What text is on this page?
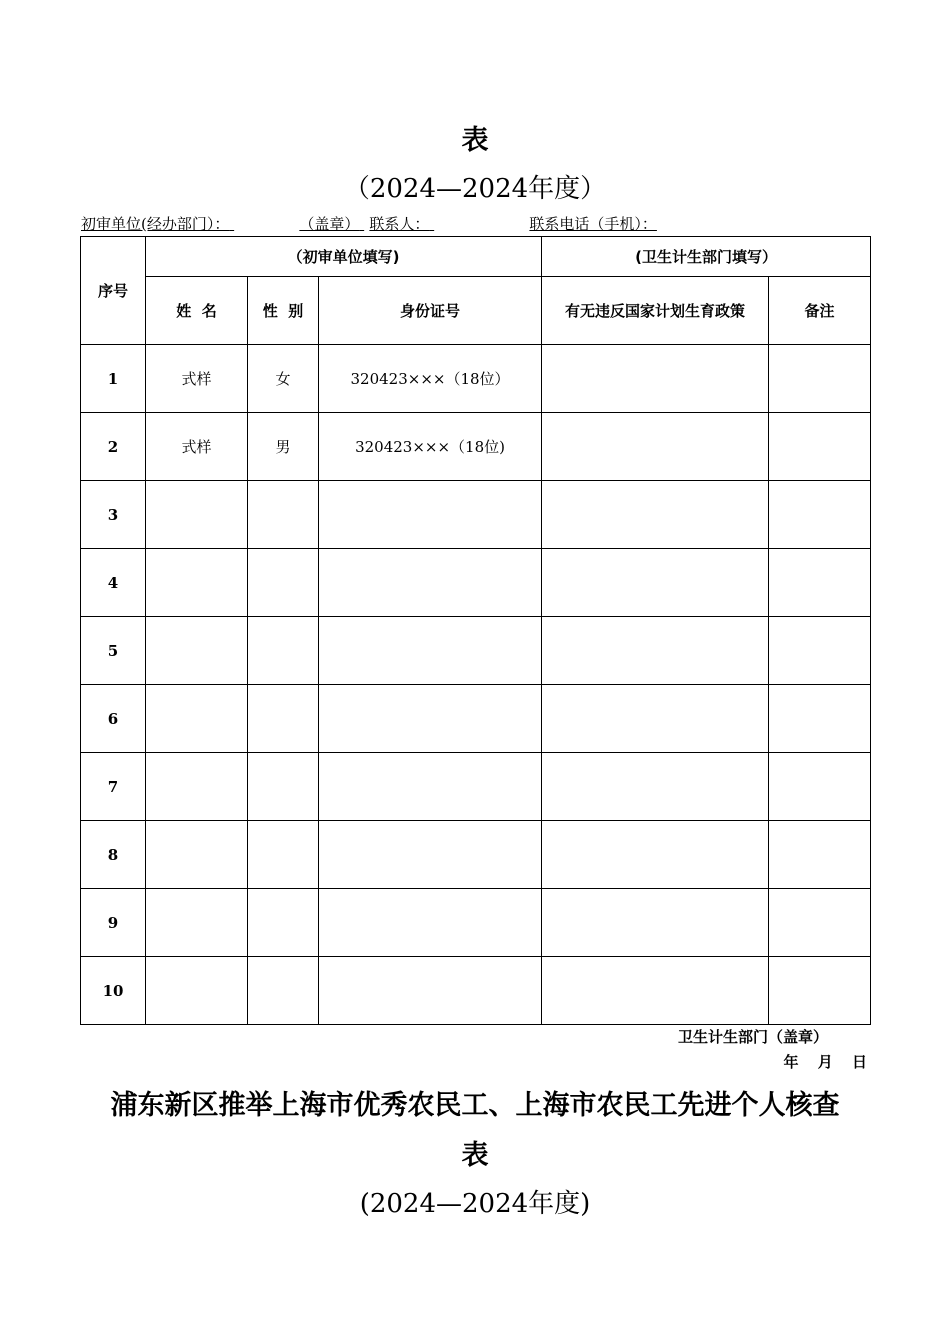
表
（2024—2024年度）
初审单位(经办部门）：	（盖章） 联系人：	联系电话（手机）：
序号	（初审单位填写)			(卫生计生部门填写）	
	姓  名	性  别	身份证号	有无违反国家计划生育政策	备注
1	式样	女	320423×××（18位）		
2	式样	男	320423×××（18位)		
3					
4					
5					
6					
7					
8					
9					
10					
卫生计生部门（盖章）
年 月 日
浦东新区推举上海市优秀农民工、上海市农民工先进个人核查
表
(2024—2024年度)
